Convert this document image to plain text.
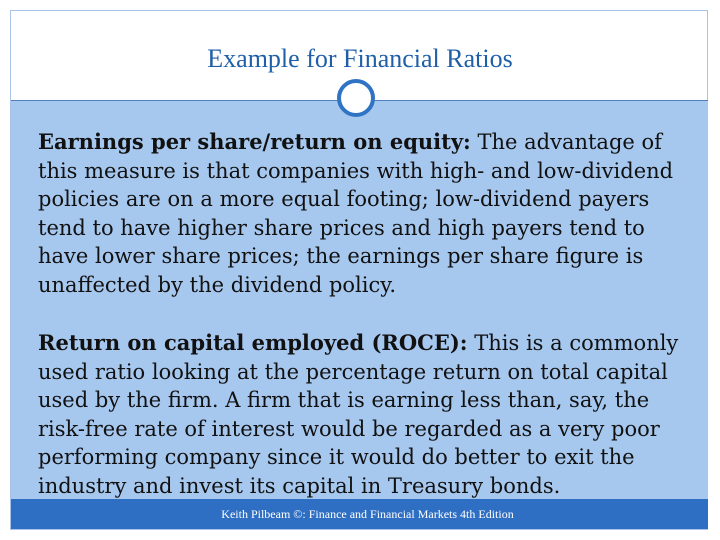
Example for Financial Ratios
Earnings per share/return on equity: The advantage of this measure is that companies with high- and low-dividend policies are on a more equal footing; low-dividend payers tend to have higher share prices and high payers tend to have lower share prices; the earnings per share figure is unaffected by the dividend policy.
Return on capital employed (ROCE): This is a commonly used ratio looking at the percentage return on total capital used by the firm. A firm that is earning less than, say, the risk-free rate of interest would be regarded as a very poor performing company since it would do better to exit the industry and invest its capital in Treasury bonds.
Keith Pilbeam ©: Finance and Financial Markets 4th Edition
